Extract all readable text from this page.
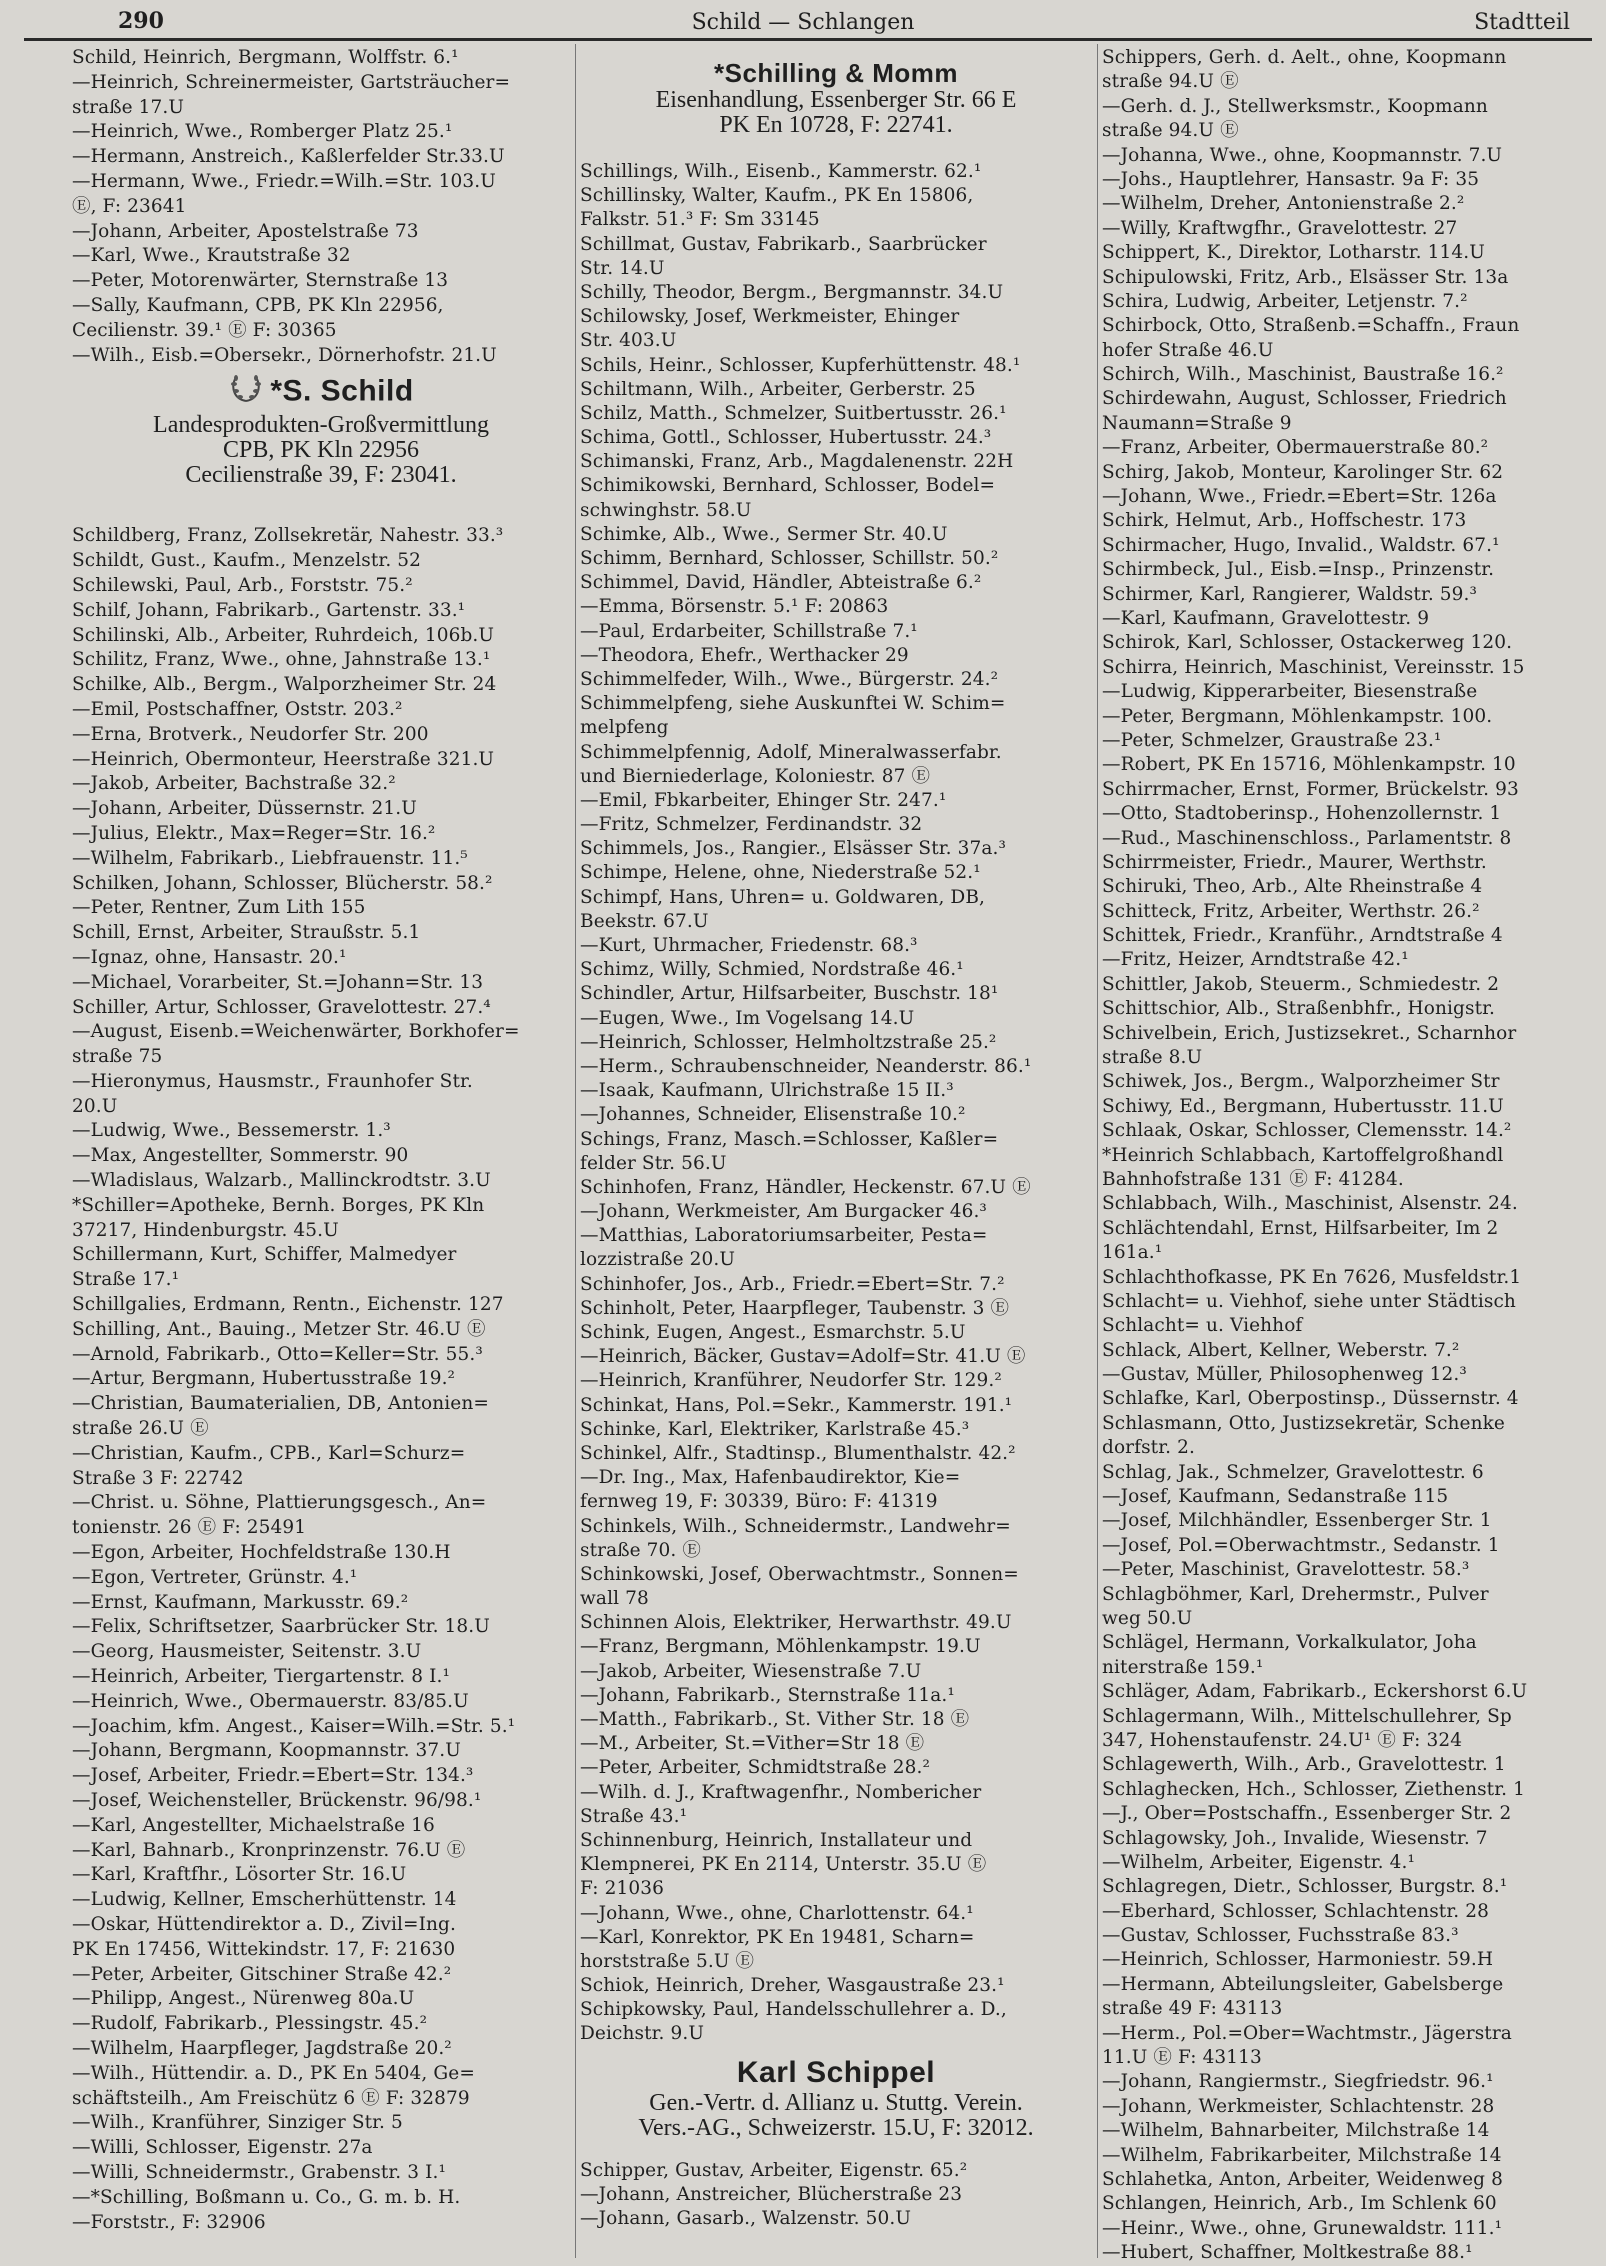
290	Schild — Schlangen	Stadtteil
Schild, Heinrich, Bergmann, Wolffstr. 6.¹
—Heinrich, Schreinermeister, Gartsträucher=
straße 17.U
—Heinrich, Wwe., Romberger Platz 25.¹
—Hermann, Anstreich., Kaßlerfelder Str.33.U
—Hermann, Wwe., Friedr.=Wilh.=Str. 103.U
Ⓔ, F: 23641
—Johann, Arbeiter, Apostelstraße 73
—Karl, Wwe., Krautstraße 32
—Peter, Motorenwärter, Sternstraße 13
—Sally, Kaufmann, CPB, PK Kln 22956,
Cecilienstr. 39.¹ Ⓔ F: 30365
—Wilh., Eisb.=Obersekr., Dörnerhofstr. 21.U
*S. Schild
Landesprodukten-Großvermittlung
CPB, PK Kln 22956
Cecilienstraße 39, F: 23041.
Schildberg, Franz, Zollsekretär, Nahestr. 33.³
Schildt, Gust., Kaufm., Menzelstr. 52
Schilewski, Paul, Arb., Forststr. 75.²
Schilf, Johann, Fabrikarb., Gartenstr. 33.¹
Schilinski, Alb., Arbeiter, Ruhrdeich, 106b.U
Schilitz, Franz, Wwe., ohne, Jahnstraße 13.¹
Schilke, Alb., Bergm., Walporzheimer Str. 24
—Emil, Postschaffner, Oststr. 203.²
—Erna, Brotverk., Neudorfer Str. 200
—Heinrich, Obermonteur, Heerstraße 321.U
—Jakob, Arbeiter, Bachstraße 32.²
—Johann, Arbeiter, Düssernstr. 21.U
—Julius, Elektr., Max=Reger=Str. 16.²
—Wilhelm, Fabrikarb., Liebfrauenstr. 11.⁵
Schilken, Johann, Schlosser, Blücherstr. 58.²
—Peter, Rentner, Zum Lith 155
Schill, Ernst, Arbeiter, Straußstr. 5.1
—Ignaz, ohne, Hansastr. 20.¹
—Michael, Vorarbeiter, St.=Johann=Str. 13
Schiller, Artur, Schlosser, Gravelottestr. 27.⁴
—August, Eisenb.=Weichenwärter, Borkhofer=
straße 75
—Hieronymus, Hausmstr., Fraunhofer Str.
20.U
—Ludwig, Wwe., Bessemerstr. 1.³
—Max, Angestellter, Sommerstr. 90
—Wladislaus, Walzarb., Mallinckrodtstr. 3.U
*Schiller=Apotheke, Bernh. Borges, PK Kln
37217, Hindenburgstr. 45.U
Schillermann, Kurt, Schiffer, Malmedyer
Straße 17.¹
Schillgalies, Erdmann, Rentn., Eichenstr. 127
Schilling, Ant., Bauing., Metzer Str. 46.U Ⓔ
—Arnold, Fabrikarb., Otto=Keller=Str. 55.³
—Artur, Bergmann, Hubertusstraße 19.²
—Christian, Baumaterialien, DB, Antonien=
straße 26.U Ⓔ
—Christian, Kaufm., CPB., Karl=Schurz=
Straße 3 F: 22742
—Christ. u. Söhne, Plattierungsgesch., An=
tonienstr. 26 Ⓔ F: 25491
—Egon, Arbeiter, Hochfeldstraße 130.H
—Egon, Vertreter, Grünstr. 4.¹
—Ernst, Kaufmann, Markusstr. 69.²
—Felix, Schriftsetzer, Saarbrücker Str. 18.U
—Georg, Hausmeister, Seitenstr. 3.U
—Heinrich, Arbeiter, Tiergartenstr. 8 I.¹
—Heinrich, Wwe., Obermauerstr. 83/85.U
—Joachim, kfm. Angest., Kaiser=Wilh.=Str. 5.¹
—Johann, Bergmann, Koopmannstr. 37.U
—Josef, Arbeiter, Friedr.=Ebert=Str. 134.³
—Josef, Weichensteller, Brückenstr. 96/98.¹
—Karl, Angestellter, Michaelstraße 16
—Karl, Bahnarb., Kronprinzenstr. 76.U Ⓔ
—Karl, Kraftfhr., Lösorter Str. 16.U
—Ludwig, Kellner, Emscherhüttenstr. 14
—Oskar, Hüttendirektor a. D., Zivil=Ing.
PK En 17456, Wittekindstr. 17, F: 21630
—Peter, Arbeiter, Gitschiner Straße 42.²
—Philipp, Angest., Nürenweg 80a.U
—Rudolf, Fabrikarb., Plessingstr. 45.²
—Wilhelm, Haarpfleger, Jagdstraße 20.²
—Wilh., Hüttendir. a. D., PK En 5404, Ge=
schäftsteilh., Am Freischütz 6 Ⓔ F: 32879
—Wilh., Kranführer, Sinziger Str. 5
—Willi, Schlosser, Eigenstr. 27a
—Willi, Schneidermstr., Grabenstr. 3 I.¹
—*Schilling, Boßmann u. Co., G. m. b. H.
—Forststr., F: 32906
*Schilling & Momm
Eisenhandlung, Essenberger Str. 66 E
PK En 10728, F: 22741.
Schillings, Wilh., Eisenb., Kammerstr. 62.¹
Schillinsky, Walter, Kaufm., PK En 15806,
Falkstr. 51.³ F: Sm 33145
Schillmat, Gustav, Fabrikarb., Saarbrücker
Str. 14.U
Schilly, Theodor, Bergm., Bergmannstr. 34.U
Schilowsky, Josef, Werkmeister, Ehinger
Str. 403.U
Schils, Heinr., Schlosser, Kupferhüttenstr. 48.¹
Schiltmann, Wilh., Arbeiter, Gerberstr. 25
Schilz, Matth., Schmelzer, Suitbertusstr. 26.¹
Schima, Gottl., Schlosser, Hubertusstr. 24.³
Schimanski, Franz, Arb., Magdalenenstr. 22H
Schimikowski, Bernhard, Schlosser, Bodel=
schwinghstr. 58.U
Schimke, Alb., Wwe., Sermer Str. 40.U
Schimm, Bernhard, Schlosser, Schillstr. 50.²
Schimmel, David, Händler, Abteistraße 6.²
—Emma, Börsenstr. 5.¹ F: 20863
—Paul, Erdarbeiter, Schillstraße 7.¹
—Theodora, Ehefr., Werthacker 29
Schimmelfeder, Wilh., Wwe., Bürgerstr. 24.²
Schimmelpfeng, siehe Auskunftei W. Schim=
melpfeng
Schimmelpfennig, Adolf, Mineralwasserfabr.
und Bierniederlage, Koloniestr. 87 Ⓔ
—Emil, Fbkarbeiter, Ehinger Str. 247.¹
—Fritz, Schmelzer, Ferdinandstr. 32
Schimmels, Jos., Rangier., Elsässer Str. 37a.³
Schimpe, Helene, ohne, Niederstraße 52.¹
Schimpf, Hans, Uhren= u. Goldwaren, DB,
Beekstr. 67.U
—Kurt, Uhrmacher, Friedenstr. 68.³
Schimz, Willy, Schmied, Nordstraße 46.¹
Schindler, Artur, Hilfsarbeiter, Buschstr. 18¹
—Eugen, Wwe., Im Vogelsang 14.U
—Heinrich, Schlosser, Helmholtzstraße 25.²
—Herm., Schraubenschneider, Neanderstr. 86.¹
—Isaak, Kaufmann, Ulrichstraße 15 II.³
—Johannes, Schneider, Elisenstraße 10.²
Schings, Franz, Masch.=Schlosser, Kaßler=
felder Str. 56.U
Schinhofen, Franz, Händler, Heckenstr. 67.U Ⓔ
—Johann, Werkmeister, Am Burgacker 46.³
—Matthias, Laboratoriumsarbeiter, Pesta=
lozzistraße 20.U
Schinhofer, Jos., Arb., Friedr.=Ebert=Str. 7.²
Schinholt, Peter, Haarpfleger, Taubenstr. 3 Ⓔ
Schink, Eugen, Angest., Esmarchstr. 5.U
—Heinrich, Bäcker, Gustav=Adolf=Str. 41.U Ⓔ
—Heinrich, Kranführer, Neudorfer Str. 129.²
Schinkat, Hans, Pol.=Sekr., Kammerstr. 191.¹
Schinke, Karl, Elektriker, Karlstraße 45.³
Schinkel, Alfr., Stadtinsp., Blumenthalstr. 42.²
—Dr. Ing., Max, Hafenbaudirektor, Kie=
fernweg 19, F: 30339, Büro: F: 41319
Schinkels, Wilh., Schneidermstr., Landwehr=
straße 70. Ⓔ
Schinkowski, Josef, Oberwachtmstr., Sonnen=
wall 78
Schinnen Alois, Elektriker, Herwarthstr. 49.U
—Franz, Bergmann, Möhlenkampstr. 19.U
—Jakob, Arbeiter, Wiesenstraße 7.U
—Johann, Fabrikarb., Sternstraße 11a.¹
—Matth., Fabrikarb., St. Vither Str. 18 Ⓔ
—M., Arbeiter, St.=Vither=Str 18 Ⓔ
—Peter, Arbeiter, Schmidtstraße 28.²
—Wilh. d. J., Kraftwagenfhr., Nombericher
Straße 43.¹
Schinnenburg, Heinrich, Installateur und
Klempnerei, PK En 2114, Unterstr. 35.U Ⓔ
F: 21036
—Johann, Wwe., ohne, Charlottenstr. 64.¹
—Karl, Konrektor, PK En 19481, Scharn=
horststraße 5.U Ⓔ
Schiok, Heinrich, Dreher, Wasgaustraße 23.¹
Schipkowsky, Paul, Handelsschullehrer a. D.,
Deichstr. 9.U
Karl Schippel
Gen.-Vertr. d. Allianz u. Stuttg. Verein.
Vers.-AG., Schweizerstr. 15.U, F: 32012.
Schipper, Gustav, Arbeiter, Eigenstr. 65.²
—Johann, Anstreicher, Blücherstraße 23
—Johann, Gasarb., Walzenstr. 50.U
Schippers, Gerh. d. Aelt., ohne, Koopmann
straße 94.U Ⓔ
—Gerh. d. J., Stellwerksmstr., Koopmann
straße 94.U Ⓔ
—Johanna, Wwe., ohne, Koopmannstr. 7.U
—Johs., Hauptlehrer, Hansastr. 9a F: 35
—Wilhelm, Dreher, Antonienstraße 2.²
—Willy, Kraftwgfhr., Gravelottestr. 27
Schippert, K., Direktor, Lotharstr. 114.U
Schipulowski, Fritz, Arb., Elsässer Str. 13a
Schira, Ludwig, Arbeiter, Letjenstr. 7.²
Schirbock, Otto, Straßenb.=Schaffn., Fraun
hofer Straße 46.U
Schirch, Wilh., Maschinist, Baustraße 16.²
Schirdewahn, August, Schlosser, Friedrich
Naumann=Straße 9
—Franz, Arbeiter, Obermauerstraße 80.²
Schirg, Jakob, Monteur, Karolinger Str. 62
—Johann, Wwe., Friedr.=Ebert=Str. 126a
Schirk, Helmut, Arb., Hoffschestr. 173
Schirmacher, Hugo, Invalid., Waldstr. 67.¹
Schirmbeck, Jul., Eisb.=Insp., Prinzenstr.
Schirmer, Karl, Rangierer, Waldstr. 59.³
—Karl, Kaufmann, Gravelottestr. 9
Schirok, Karl, Schlosser, Ostackerweg 120.
Schirra, Heinrich, Maschinist, Vereinsstr. 15
—Ludwig, Kipperarbeiter, Biesenstraße
—Peter, Bergmann, Möhlenkampstr. 100.
—Peter, Schmelzer, Graustraße 23.¹
—Robert, PK En 15716, Möhlenkampstr. 10
Schirrmacher, Ernst, Former, Brückelstr. 93
—Otto, Stadtoberinsp., Hohenzollernstr. 1
—Rud., Maschinenschloss., Parlamentstr. 8
Schirrmeister, Friedr., Maurer, Werthstr.
Schiruki, Theo, Arb., Alte Rheinstraße 4
Schitteck, Fritz, Arbeiter, Werthstr. 26.²
Schittek, Friedr., Kranführ., Arndtstraße 4
—Fritz, Heizer, Arndtstraße 42.¹
Schittler, Jakob, Steuerm., Schmiedestr. 2
Schittschior, Alb., Straßenbhfr., Honigstr.
Schivelbein, Erich, Justizsekret., Scharnhor
straße 8.U
Schiwek, Jos., Bergm., Walporzheimer Str
Schiwy, Ed., Bergmann, Hubertusstr. 11.U
Schlaak, Oskar, Schlosser, Clemensstr. 14.²
*Heinrich Schlabbach, Kartoffelgroßhandl
Bahnhofstraße 131 Ⓔ F: 41284.
Schlabbach, Wilh., Maschinist, Alsenstr. 24.
Schlächtendahl, Ernst, Hilfsarbeiter, Im 2
161a.¹
Schlachthofkasse, PK En 7626, Musfeldstr.1
Schlacht= u. Viehhof, siehe unter Städtisch
Schlacht= u. Viehhof
Schlack, Albert, Kellner, Weberstr. 7.²
—Gustav, Müller, Philosophenweg 12.³
Schlafke, Karl, Oberpostinsp., Düssernstr. 4
Schlasmann, Otto, Justizsekretär, Schenke
dorfstr. 2.
Schlag, Jak., Schmelzer, Gravelottestr. 6
—Josef, Kaufmann, Sedanstraße 115
—Josef, Milchhändler, Essenberger Str. 1
—Josef, Pol.=Oberwachtmstr., Sedanstr. 1
—Peter, Maschinist, Gravelottestr. 58.³
Schlagböhmer, Karl, Drehermstr., Pulver
weg 50.U
Schlägel, Hermann, Vorkalkulator, Joha
niterstraße 159.¹
Schläger, Adam, Fabrikarb., Eckershorst 6.U
Schlagermann, Wilh., Mittelschullehrer, Sp
347, Hohenstaufenstr. 24.U¹ Ⓔ F: 324
Schlagewerth, Wilh., Arb., Gravelottestr. 1
Schlaghecken, Hch., Schlosser, Ziethenstr. 1
—J., Ober=Postschaffn., Essenberger Str. 2
Schlagowsky, Joh., Invalide, Wiesenstr. 7
—Wilhelm, Arbeiter, Eigenstr. 4.¹
Schlagregen, Dietr., Schlosser, Burgstr. 8.¹
—Eberhard, Schlosser, Schlachtenstr. 28
—Gustav, Schlosser, Fuchsstraße 83.³
—Heinrich, Schlosser, Harmoniestr. 59.H
—Hermann, Abteilungsleiter, Gabelsberge
straße 49 F: 43113
—Herm., Pol.=Ober=Wachtmstr., Jägerstra
11.U Ⓔ F: 43113
—Johann, Rangiermstr., Siegfriedstr. 96.¹
—Johann, Werkmeister, Schlachtenstr. 28
—Wilhelm, Bahnarbeiter, Milchstraße 14
—Wilhelm, Fabrikarbeiter, Milchstraße 14
Schlahetka, Anton, Arbeiter, Weidenweg 8
Schlangen, Heinrich, Arb., Im Schlenk 60
—Heinr., Wwe., ohne, Grunewaldstr. 111.¹
—Hubert, Schaffner, Moltkestraße 88.¹
